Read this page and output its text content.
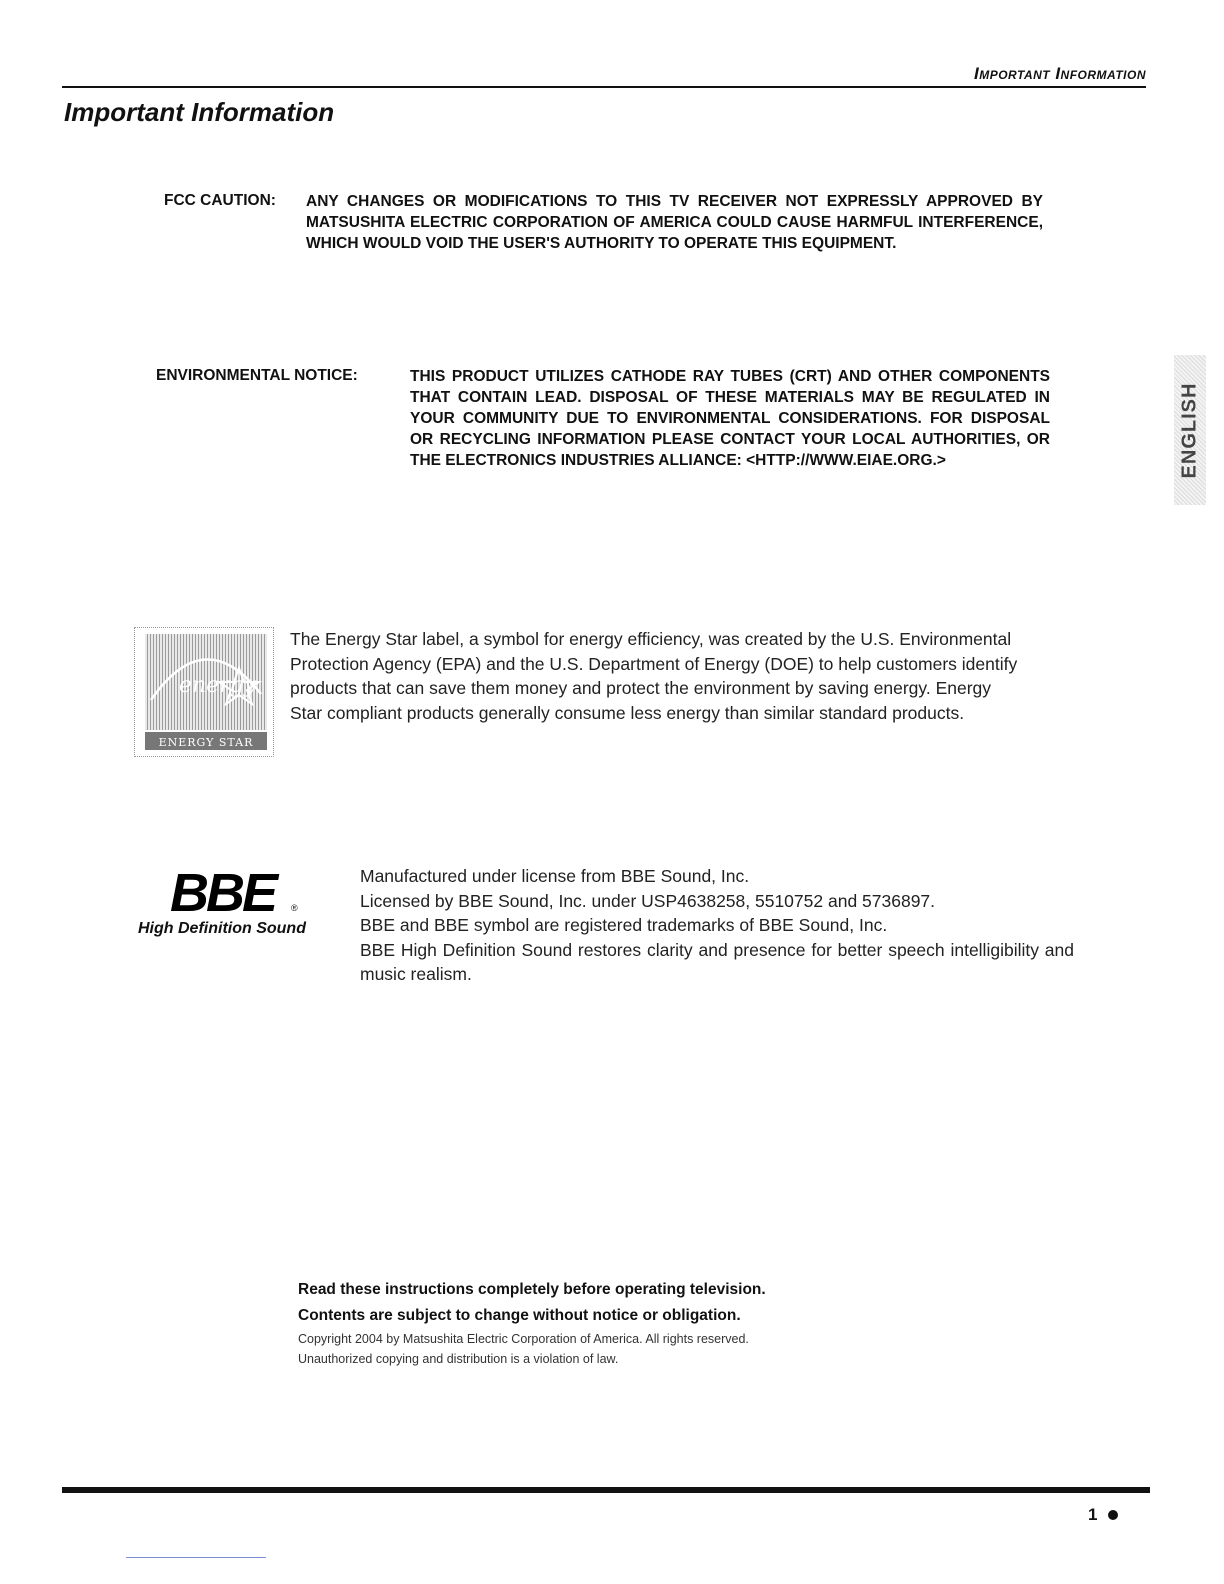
Important Information
Important Information
FCC CAUTION: ANY CHANGES OR MODIFICATIONS TO THIS TV RECEIVER NOT EXPRESSLY APPROVED BY MATSUSHITA ELECTRIC CORPORATION OF AMERICA COULD CAUSE HARMFUL INTERFERENCE, WHICH WOULD VOID THE USER'S AUTHORITY TO OPERATE THIS EQUIPMENT.
ENVIRONMENTAL NOTICE:	THIS PRODUCT UTILIZES CATHODE RAY TUBES (CRT) AND OTHER COMPONENTS THAT CONTAIN LEAD. DISPOSAL OF THESE MATERIALS MAY BE REGULATED IN YOUR COMMUNITY DUE TO ENVIRONMENTAL CONSIDERATIONS. FOR DISPOSAL OR RECYCLING INFORMATION PLEASE CONTACT YOUR LOCAL AUTHORITIES, OR THE ELECTRONICS INDUSTRIES ALLIANCE: <HTTP://WWW.EIAE.ORG.>	ENGLISH
energy
ENERGY STAR
The Energy Star label, a symbol for energy efficiency, was created by the U.S. Environmental Protection Agency (EPA) and the U.S. Department of Energy (DOE) to help customers identify products that can save them money and protect the environment by saving energy. Energy Star compliant products generally consume less energy than similar standard products.
BBE ®
High Definition Sound

Manufactured under license from BBE Sound, Inc.

Licensed by BBE Sound, Inc. under USP4638258, 5510752 and 5736897.

BBE and BBE symbol are registered trademarks of BBE Sound, Inc.

BBE High Definition Sound restores clarity and presence for better speech intelligibility and music realism.

Read these instructions completely before operating television.
Contents are subject to change without notice or obligation.
Copyright 2004 by Matsushita Electric Corporation of America. All rights reserved.
Unauthorized copying and distribution is a violation of law.
1
